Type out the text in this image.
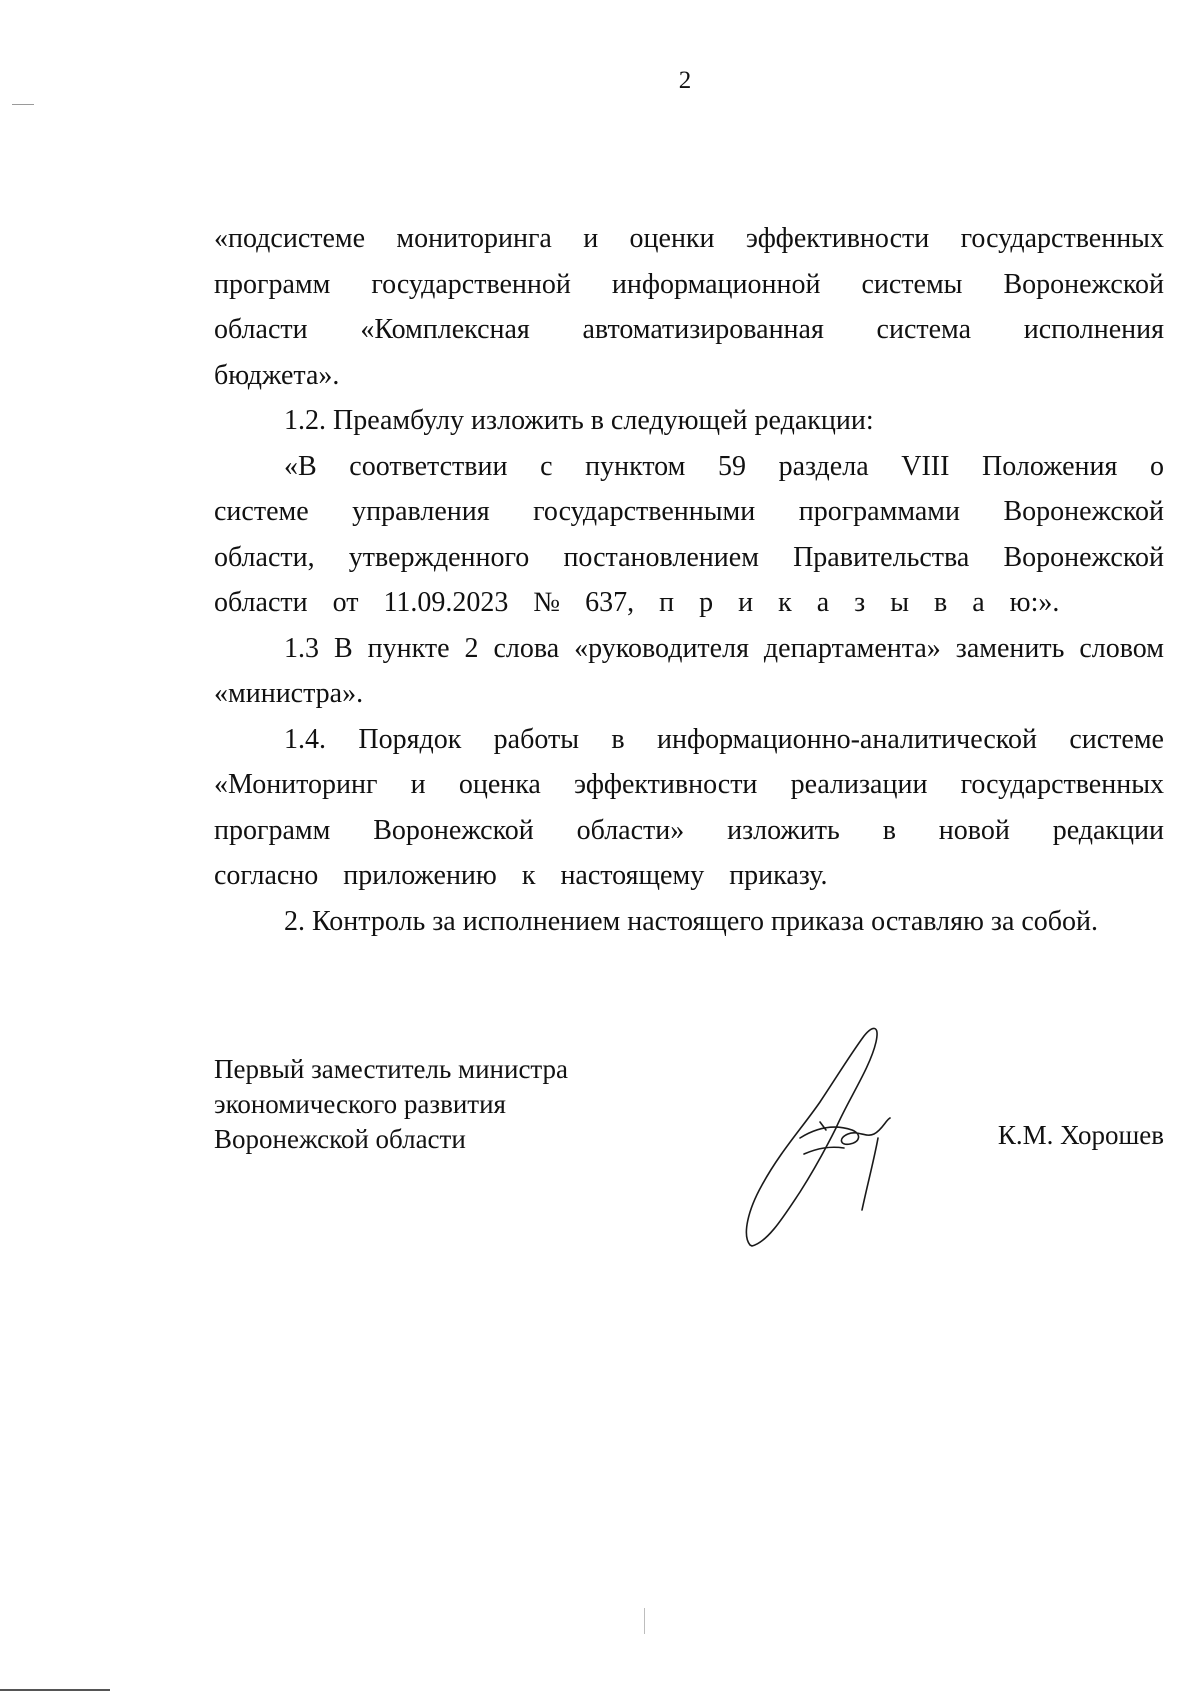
2

«подсистеме мониторинга и оценки эффективности государственных программ государственной информационной системы Воронежской области «Комплексная автоматизированная система исполнения бюджета».

1.2. Преамбулу изложить в следующей редакции:

«В соответствии с пунктом 59 раздела VIII Положения о системе управления государственными программами Воронежской области, утвержденного постановлением Правительства Воронежской области от 11.09.2023 № 637, п р и к а з ы в а ю:».

1.3 В пункте 2 слова «руководителя департамента» заменить словом «министра».

1.4. Порядок работы в информационно-аналитической системе «Мониторинг и оценка эффективности реализации государственных программ Воронежской области» изложить в новой редакции согласно приложению к настоящему приказу.

2. Контроль за исполнением настоящего приказа оставляю за собой.

Первый заместитель министра
экономического развития
Воронежской области	К.М. Хорошев
